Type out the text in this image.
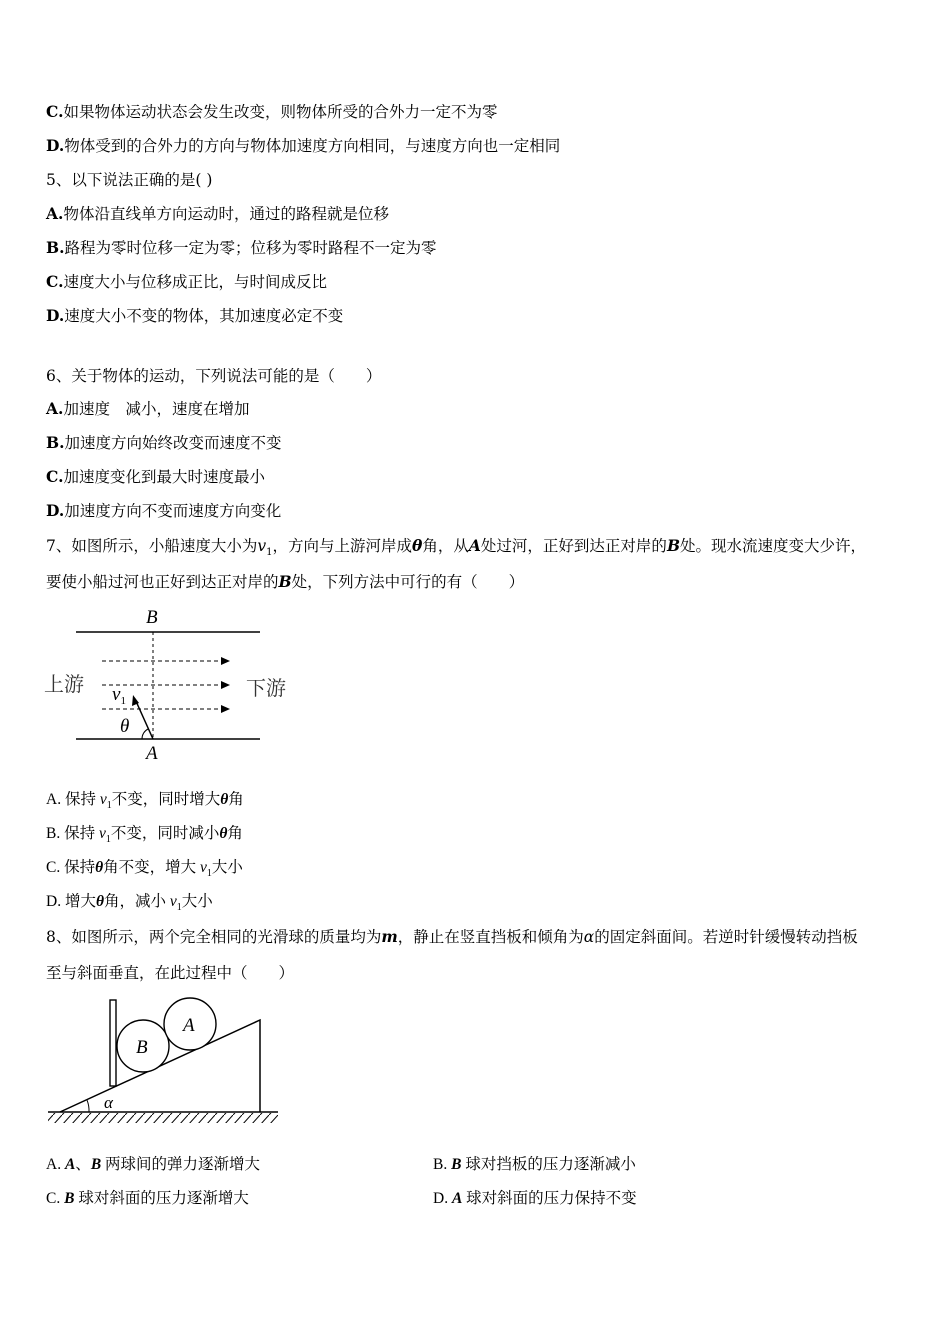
C.如果物体运动状态会发生改变，则物体所受的合外力一定不为零
D.物体受到的合外力的方向与物体加速度方向相同，与速度方向也一定相同
5、以下说法正确的是( )
A.物体沿直线单方向运动时，通过的路程就是位移
B.路程为零时位移一定为零；位移为零时路程不一定为零
C.速度大小与位移成正比，与时间成反比
D.速度大小不变的物体，其加速度必定不变
6、关于物体的运动，下列说法可能的是（　　）
A.加速度　减小，速度在增加
B.加速度方向始终改变而速度不变
C.加速度变化到最大时速度最小
D.加速度方向不变而速度方向变化
7、如图所示，小船速度大小为$v_1$，方向与上游河岸成θ角，从A处过河，正好到达正对岸的B处。现水流速度变大少许，
要使小船过河也正好到达正对岸的B处，下列方法中可行的有（　　）
B
A
上游	下游
$v_1$
θ
A. 保持 $v_1$不变，同时增大θ角
B. 保持 $v_1$不变，同时减小θ角
C. 保持θ角不变，增大 $v_1$大小
D. 增大θ角，减小 $v_1$大小
8、如图所示，两个完全相同的光滑球的质量均为m，静止在竖直挡板和倾角为α的固定斜面间。若逆时针缓慢转动挡板
至与斜面垂直，在此过程中（　　）
B
A
α
A. A、B 两球间的弹力逐渐增大	B. B 球对挡板的压力逐渐减小
C. B 球对斜面的压力逐渐增大	D. A 球对斜面的压力保持不变
